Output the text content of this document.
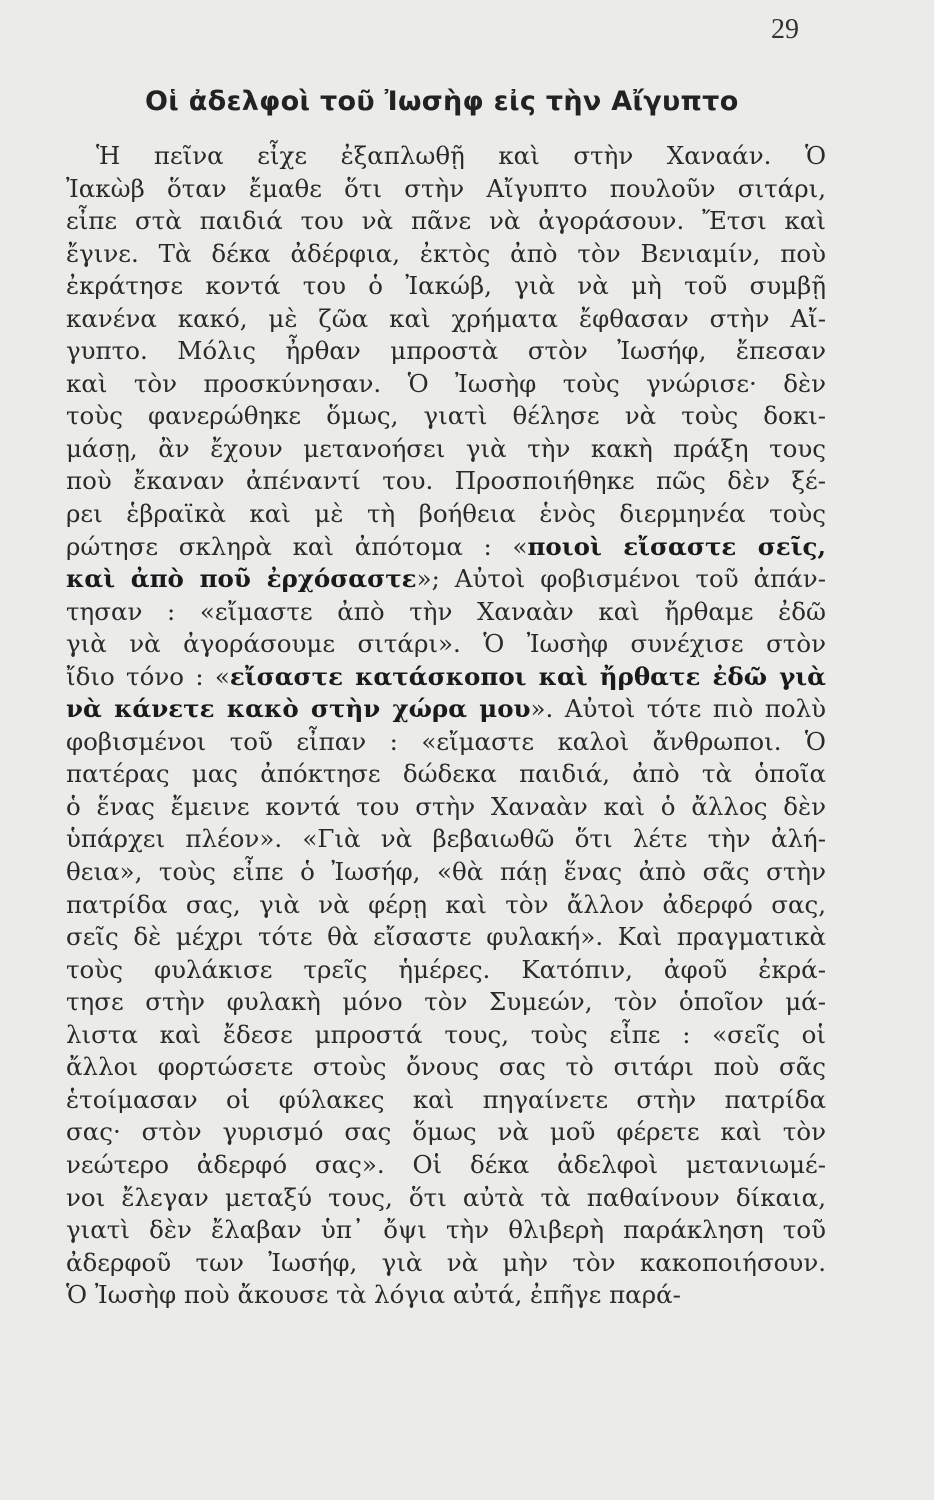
29
Οἱ ἀδελφοὶ τοῦ Ἰωσὴφ εἰς τὴν Αἴγυπτο
Ἡ πεῖνα εἶχε ἐξαπλωθῇ καὶ στὴν Χαναάν. Ὁ
Ἰακὼβ ὅταν ἔμαθε ὅτι στὴν Αἴγυπτο πουλοῦν σιτάρι,
εἶπε στὰ παιδιά του νὰ πᾶνε νὰ ἀγοράσουν. Ἔτσι καὶ
ἔγινε. Τὰ δέκα ἀδέρφια, ἐκτὸς ἀπὸ τὸν Βενιαμίν, ποὺ
ἐκράτησε κοντά του ὁ Ἰακώβ, γιὰ νὰ μὴ τοῦ συμβῇ
κανένα κακό, μὲ ζῶα καὶ χρήματα ἔφθασαν στὴν Αἴ-
γυπτο. Μόλις ἦρθαν μπροστὰ στὸν Ἰωσήφ, ἔπεσαν
καὶ τὸν προσκύνησαν. Ὁ Ἰωσὴφ τοὺς γνώρισε· δὲν
τοὺς φανερώθηκε ὅμως, γιατὶ θέλησε νὰ τοὺς δοκι-
μάσῃ, ἂν ἔχουν μετανοήσει γιὰ τὴν κακὴ πράξη τους
ποὺ ἔκαναν ἀπέναντί του. Προσποιήθηκε πῶς δὲν ξέ-
ρει ἑβραϊκὰ καὶ μὲ τὴ βοήθεια ἑνὸς διερμηνέα τοὺς
ρώτησε σκληρὰ καὶ ἀπότομα : «ποιοὶ εἴσαστε σεῖς,
καὶ ἀπὸ ποῦ ἐρχόσαστε»; Αὐτοὶ φοβισμένοι τοῦ ἀπάν-
τησαν : «εἴμαστε ἀπὸ τὴν Χαναὰν καὶ ἤρθαμε ἐδῶ
γιὰ νὰ ἀγοράσουμε σιτάρι». Ὁ Ἰωσὴφ συνέχισε στὸν
ἴδιο τόνο : «εἴσαστε κατάσκοποι καὶ ἤρθατε ἐδῶ γιὰ
νὰ κάνετε κακὸ στὴν χώρα μου». Αὐτοὶ τότε πιὸ πολὺ
φοβισμένοι τοῦ εἶπαν : «εἴμαστε καλοὶ ἄνθρωποι. Ὁ
πατέρας μας ἀπόκτησε δώδεκα παιδιά, ἀπὸ τὰ ὁποῖα
ὁ ἕνας ἔμεινε κοντά του στὴν Χαναὰν καὶ ὁ ἄλλος δὲν
ὑπάρχει πλέον». «Γιὰ νὰ βεβαιωθῶ ὅτι λέτε τὴν ἀλή-
θεια», τοὺς εἶπε ὁ Ἰωσήφ, «θὰ πάῃ ἕνας ἀπὸ σᾶς στὴν
πατρίδα σας, γιὰ νὰ φέρῃ καὶ τὸν ἄλλον ἀδερφό σας,
σεῖς δὲ μέχρι τότε θὰ εἴσαστε φυλακή». Καὶ πραγματικὰ
τοὺς φυλάκισε τρεῖς ἡμέρες. Κατόπιν, ἀφοῦ ἐκρά-
τησε στὴν φυλακὴ μόνο τὸν Συμεών, τὸν ὁποῖον μά-
λιστα καὶ ἔδεσε μπροστά τους, τοὺς εἶπε : «σεῖς οἱ
ἄλλοι φορτώσετε στοὺς ὄνους σας τὸ σιτάρι ποὺ σᾶς
ἑτοίμασαν οἱ φύλακες καὶ πηγαίνετε στὴν πατρίδα
σας· στὸν γυρισμό σας ὅμως νὰ μοῦ φέρετε καὶ τὸν
νεώτερο ἀδερφό σας». Οἱ δέκα ἀδελφοὶ μετανιωμέ-
νοι ἔλεγαν μεταξύ τους, ὅτι αὐτὰ τὰ παθαίνουν δίκαια,
γιατὶ δὲν ἔλαβαν ὑπ᾽ ὄψι τὴν θλιβερὴ παράκληση τοῦ
ἀδερφοῦ των Ἰωσήφ, γιὰ νὰ μὴν τὸν κακοποιήσουν.
Ὁ Ἰωσὴφ ποὺ ἄκουσε τὰ λόγια αὐτά, ἐπῆγε παρά-
